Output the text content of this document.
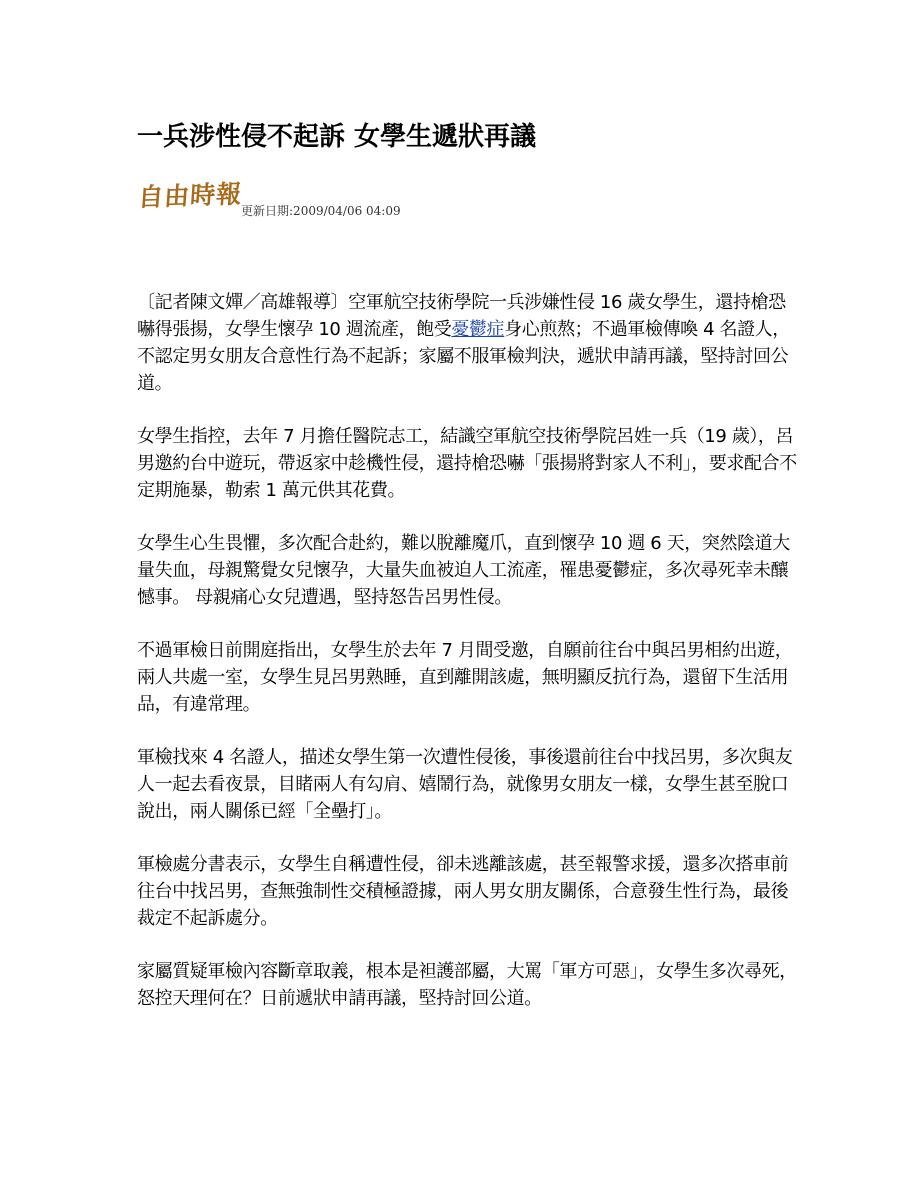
一兵涉性侵不起訴 女學生遞狀再議
自由時報更新日期:2009/04/06 04:09

〔記者陳文嬋／高雄報導〕空軍航空技術學院一兵涉嫌性侵 16 歲女學生，還持槍恐嚇得張揚，女學生懷孕 10 週流產，飽受憂鬱症身心煎熬；不過軍檢傳喚 4 名證人，不認定男女朋友合意性行為不起訴；家屬不服軍檢判決，遞狀申請再議，堅持討回公道。

女學生指控，去年 7 月擔任醫院志工，結識空軍航空技術學院呂姓一兵（19 歲），呂男邀約台中遊玩，帶返家中趁機性侵，還持槍恐嚇「張揚將對家人不利」，要求配合不定期施暴，勒索 1 萬元供其花費。

女學生心生畏懼，多次配合赴約，難以脫離魔爪，直到懷孕 10 週 6 天，突然陰道大量失血，母親驚覺女兒懷孕，大量失血被迫人工流產，罹患憂鬱症，多次尋死幸未釀憾事。 母親痛心女兒遭遇，堅持怒告呂男性侵。

不過軍檢日前開庭指出，女學生於去年 7 月間受邀，自願前往台中與呂男相約出遊，兩人共處一室，女學生見呂男熟睡，直到離開該處，無明顯反抗行為，還留下生活用品，有違常理。

軍檢找來 4 名證人，描述女學生第一次遭性侵後，事後還前往台中找呂男，多次與友人一起去看夜景，目睹兩人有勾肩、嬉鬧行為，就像男女朋友一樣，女學生甚至脫口說出，兩人關係已經「全壘打」。

軍檢處分書表示，女學生自稱遭性侵，卻未逃離該處，甚至報警求援，還多次搭車前往台中找呂男，查無強制性交積極證據，兩人男女朋友關係，合意發生性行為，最後裁定不起訴處分。

家屬質疑軍檢內容斷章取義，根本是袒護部屬，大罵「軍方可惡」，女學生多次尋死，怒控天理何在？日前遞狀申請再議，堅持討回公道。
